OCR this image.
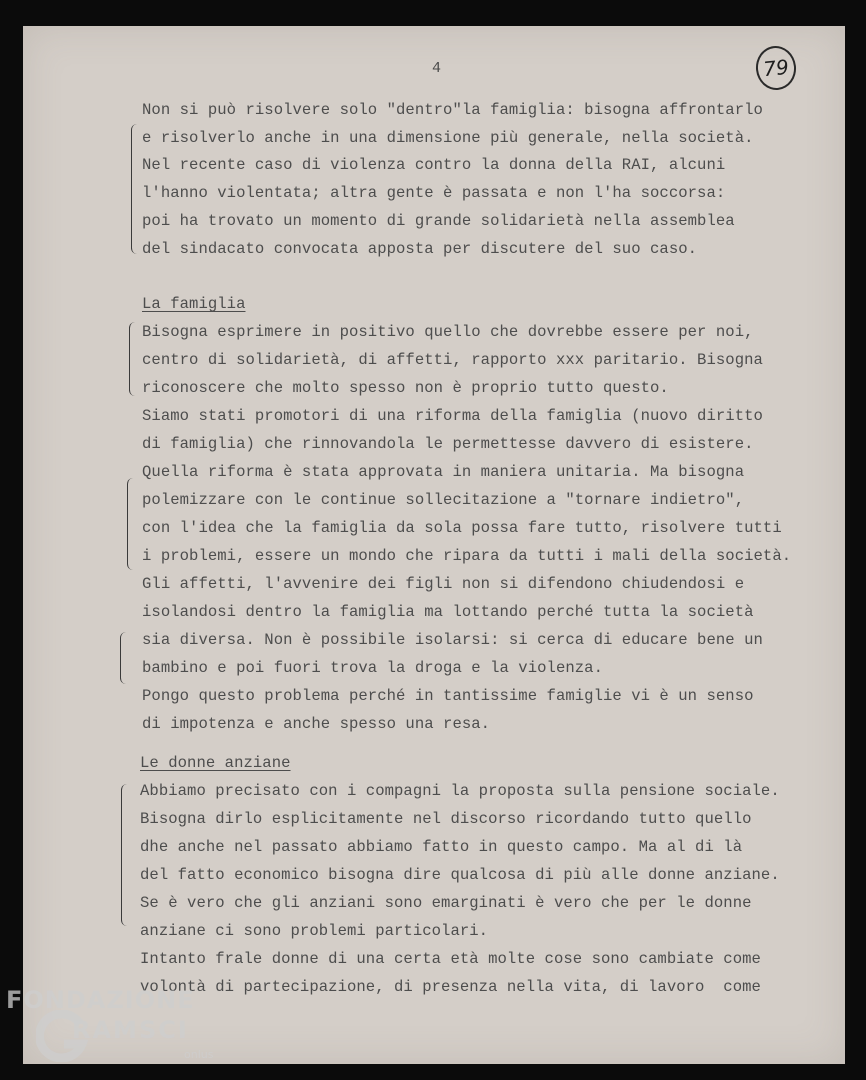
4	79
Non si può risolvere solo "dentro"la famiglia: bisogna affrontarlo
e risolverlo anche in una dimensione più generale, nella società.
Nel recente caso di violenza contro la donna della RAI, alcuni
l'hanno violentata; altra gente è passata e non l'ha soccorsa:
poi ha trovato un momento di grande solidarietà nella assemblea
del sindacato convocata apposta per discutere del suo caso.
La famiglia
Bisogna esprimere in positivo quello che dovrebbe essere per noi,
centro di solidarietà, di affetti, rapporto xxx paritario. Bisogna
riconoscere che molto spesso non è proprio tutto questo.
Siamo stati promotori di una riforma della famiglia (nuovo diritto
di famiglia) che rinnovandola le permettesse davvero di esistere.
Quella riforma è stata approvata in maniera unitaria. Ma bisogna
polemizzare con le continue sollecitazione a "tornare indietro",
con l'idea che la famiglia da sola possa fare tutto, risolvere tutti
i problemi, essere un mondo che ripara da tutti i mali della società.
Gli affetti, l'avvenire dei figli non si difendono chiudendosi e
isolandosi dentro la famiglia ma lottando perché tutta la società
sia diversa. Non è possibile isolarsi: si cerca di educare bene un
bambino e poi fuori trova la droga e la violenza.
Pongo questo problema perché in tantissime famiglie vi è un senso
di impotenza e anche spesso una resa.
Le donne anziane
Abbiamo precisato con i compagni la proposta sulla pensione sociale.
Bisogna dirlo esplicitamente nel discorso ricordando tutto quello
dhe anche nel passato abbiamo fatto in questo campo. Ma al di là
del fatto economico bisogna dire qualcosa di più alle donne anziane.
Se è vero che gli anziani sono emarginati è vero che per le donne
anziane ci sono problemi particolari.
Intanto frale donne di una certa età molte cose sono cambiate come
volontà di partecipazione, di presenza nella vita, di lavoro  come
FONDAZIONE
RAMSCI
onlus
